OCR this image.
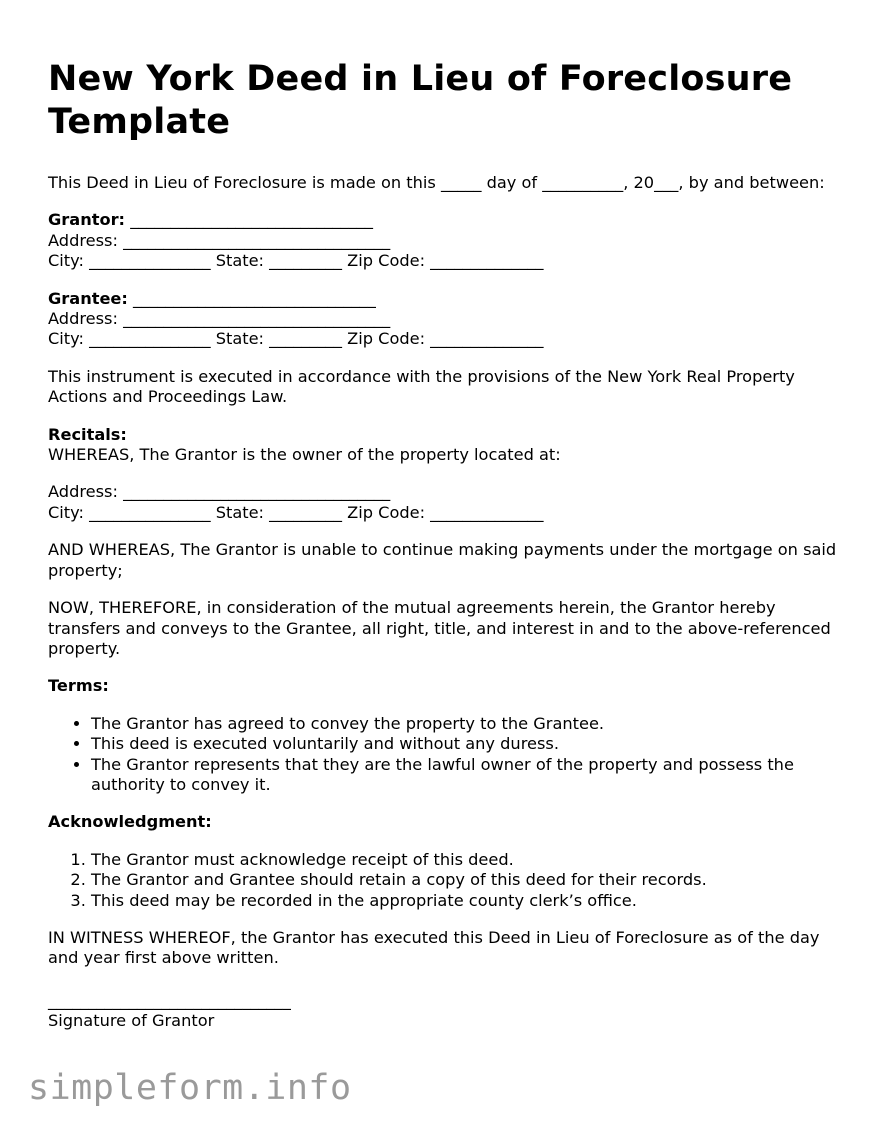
New York Deed in Lieu of Foreclosure Template

This Deed in Lieu of Foreclosure is made on this _____ day of __________, 20___, by and between:

Grantor: ______________________________
Address: _________________________________
City: _______________ State: _________ Zip Code: ______________
Grantee: ______________________________
Address: _________________________________
City: _______________ State: _________ Zip Code: ______________

This instrument is executed in accordance with the provisions of the New York Real Property Actions and Proceedings Law.

Recitals:
WHEREAS, The Grantor is the owner of the property located at:
Address: _________________________________
City: _______________ State: _________ Zip Code: ______________

AND WHEREAS, The Grantor is unable to continue making payments under the mortgage on said property;

NOW, THEREFORE, in consideration of the mutual agreements herein, the Grantor hereby transfers and conveys to the Grantee, all right, title, and interest in and to the above-referenced property.

Terms:
• The Grantor has agreed to convey the property to the Grantee.
• This deed is executed voluntarily and without any duress.
• The Grantor represents that they are the lawful owner of the property and possess the authority to convey it.
Acknowledgment:
1. The Grantor must acknowledge receipt of this deed.
2. The Grantor and Grantee should retain a copy of this deed for their records.
3. This deed may be recorded in the appropriate county clerk’s office.

IN WITNESS WHEREOF, the Grantor has executed this Deed in Lieu of Foreclosure as of the day and year first above written.

______________________________
Signature of Grantor
simpleform.info
